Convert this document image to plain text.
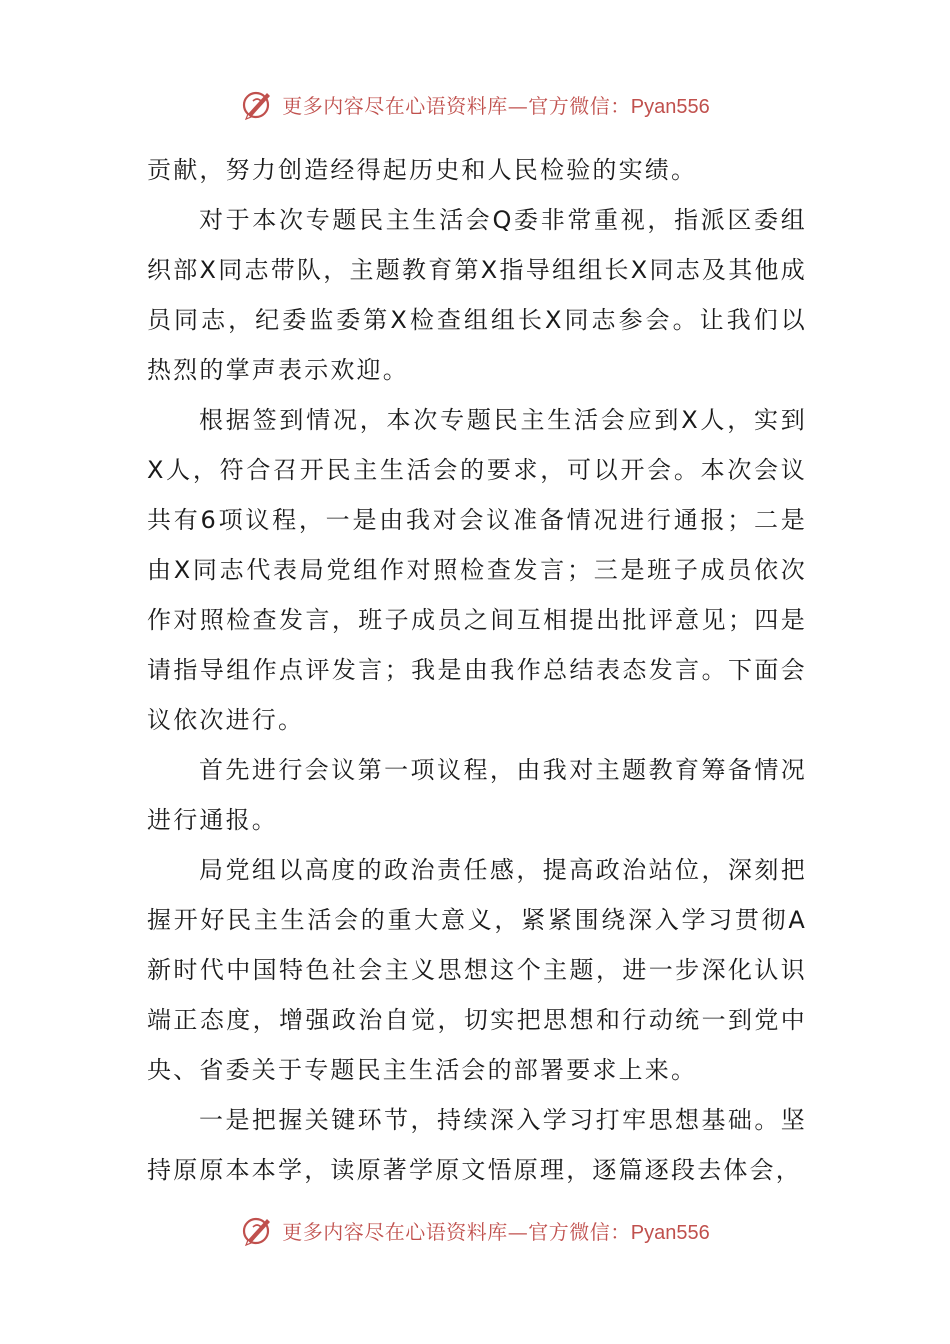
更多内容尽在心语资料库—官方微信：Pyan556

贡献，努力创造经得起历史和人民检验的实绩。

对于本次专题民主生活会Q委非常重视，指派区委组织部X同志带队，主题教育第X指导组组长X同志及其他成员同志，纪委监委第X检查组组长X同志参会。让我们以热烈的掌声表示欢迎。

根据签到情况，本次专题民主生活会应到X人，实到X人，符合召开民主生活会的要求，可以开会。本次会议共有6项议程，一是由我对会议准备情况进行通报；二是由X同志代表局党组作对照检查发言；三是班子成员依次作对照检查发言，班子成员之间互相提出批评意见；四是请指导组作点评发言；我是由我作总结表态发言。下面会议依次进行。

首先进行会议第一项议程，由我对主题教育筹备情况进行通报。

局党组以高度的政治责任感，提高政治站位，深刻把握开好民主生活会的重大意义，紧紧围绕深入学习贯彻A新时代中国特色社会主义思想这个主题，进一步深化认识端正态度，增强政治自觉，切实把思想和行动统一到党中央、省委关于专题民主生活会的部署要求上来。

一是把握关键环节，持续深入学习打牢思想基础。坚持原原本本学，读原著学原文悟原理，逐篇逐段去体会，

更多内容尽在心语资料库—官方微信：Pyan556
